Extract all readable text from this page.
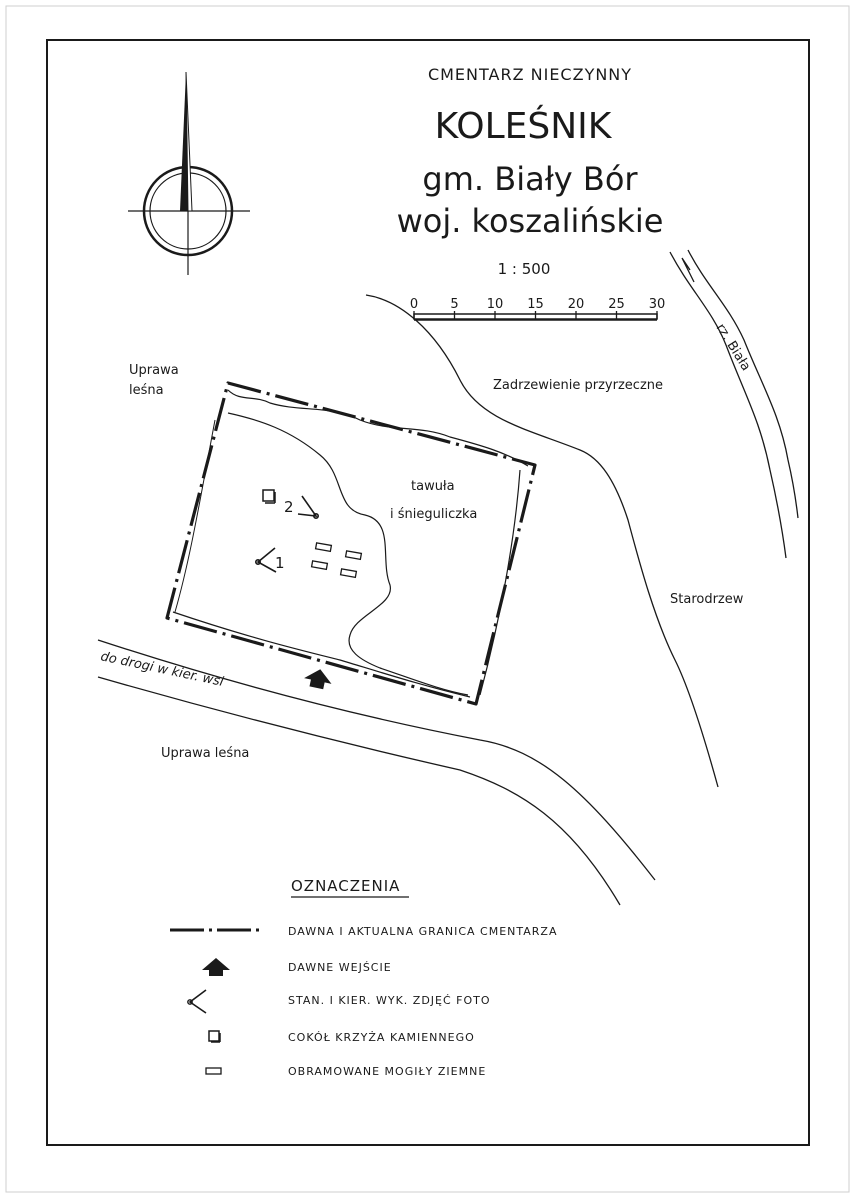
CMENTARZ NIECZYNNY
KOLEŚNIK
gm. Biały Bór
woj. koszalińskie
1 : 500
0 5 10 15 20 25 30
rz. Biała
do drogi w kier. wsi
tawuła
i śnieguliczka
2
1
Uprawa
leśna	Zadrzewienie przyrzeczne
Starodrzew
Uprawa leśna
OZNACZENIA
DAWNA I AKTUALNA GRANICA CMENTARZA
DAWNE WEJŚCIE
STAN. I KIER. WYK. ZDJĘĆ FOTO
COKÓŁ KRZYŻA KAMIENNEGO
OBRAMOWANE MOGIŁY ZIEMNE
